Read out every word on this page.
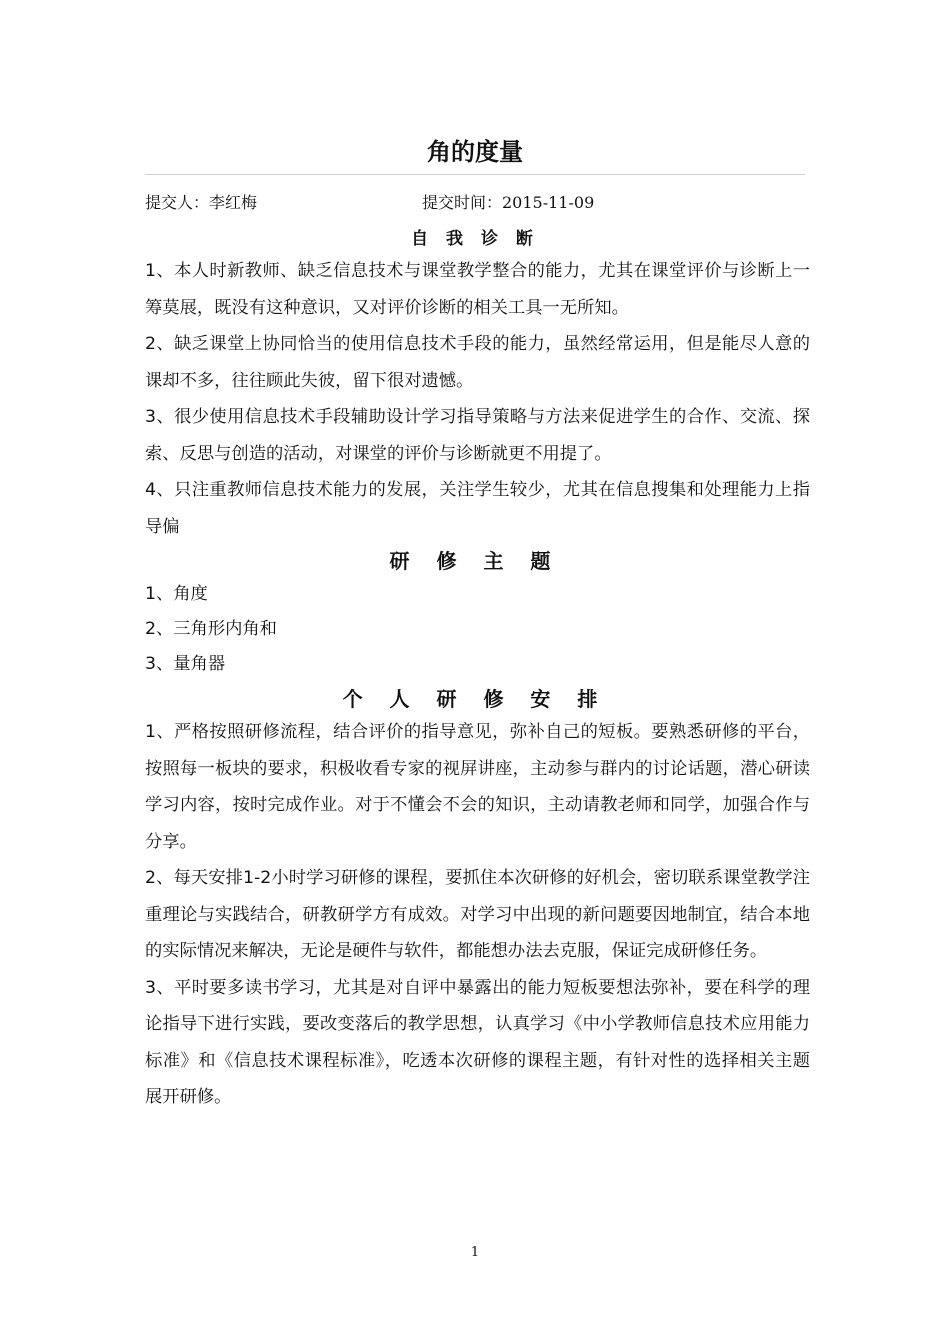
角的度量
提交人：李红梅	提交时间：2015-11-09
自 我 诊 断

1、本人时新教师、缺乏信息技术与课堂教学整合的能力，尤其在课堂评价与诊断上一筹莫展，既没有这种意识，又对评价诊断的相关工具一无所知。

2、缺乏课堂上协同恰当的使用信息技术手段的能力，虽然经常运用，但是能尽人意的课却不多，往往顾此失彼，留下很对遗憾。

3、很少使用信息技术手段辅助设计学习指导策略与方法来促进学生的合作、交流、探索、反思与创造的活动，对课堂的评价与诊断就更不用提了。

4、只注重教师信息技术能力的发展，关注学生较少，尤其在信息搜集和处理能力上指导偏

研 修 主 题

1、角度

2、三角形内角和

3、量角器

个 人 研 修 安 排

1、严格按照研修流程，结合评价的指导意见，弥补自己的短板。要熟悉研修的平台，按照每一板块的要求，积极收看专家的视屏讲座，主动参与群内的讨论话题，潜心研读学习内容，按时完成作业。对于不懂会不会的知识，主动请教老师和同学，加强合作与分享。

2、每天安排1-2小时学习研修的课程，要抓住本次研修的好机会，密切联系课堂教学注重理论与实践结合，研教研学方有成效。对学习中出现的新问题要因地制宜，结合本地的实际情况来解决，无论是硬件与软件，都能想办法去克服，保证完成研修任务。

3、平时要多读书学习，尤其是对自评中暴露出的能力短板要想法弥补，要在科学的理论指导下进行实践，要改变落后的教学思想，认真学习《中小学教师信息技术应用能力标准》和《信息技术课程标准》，吃透本次研修的课程主题，有针对性的选择相关主题展开研修。

1
